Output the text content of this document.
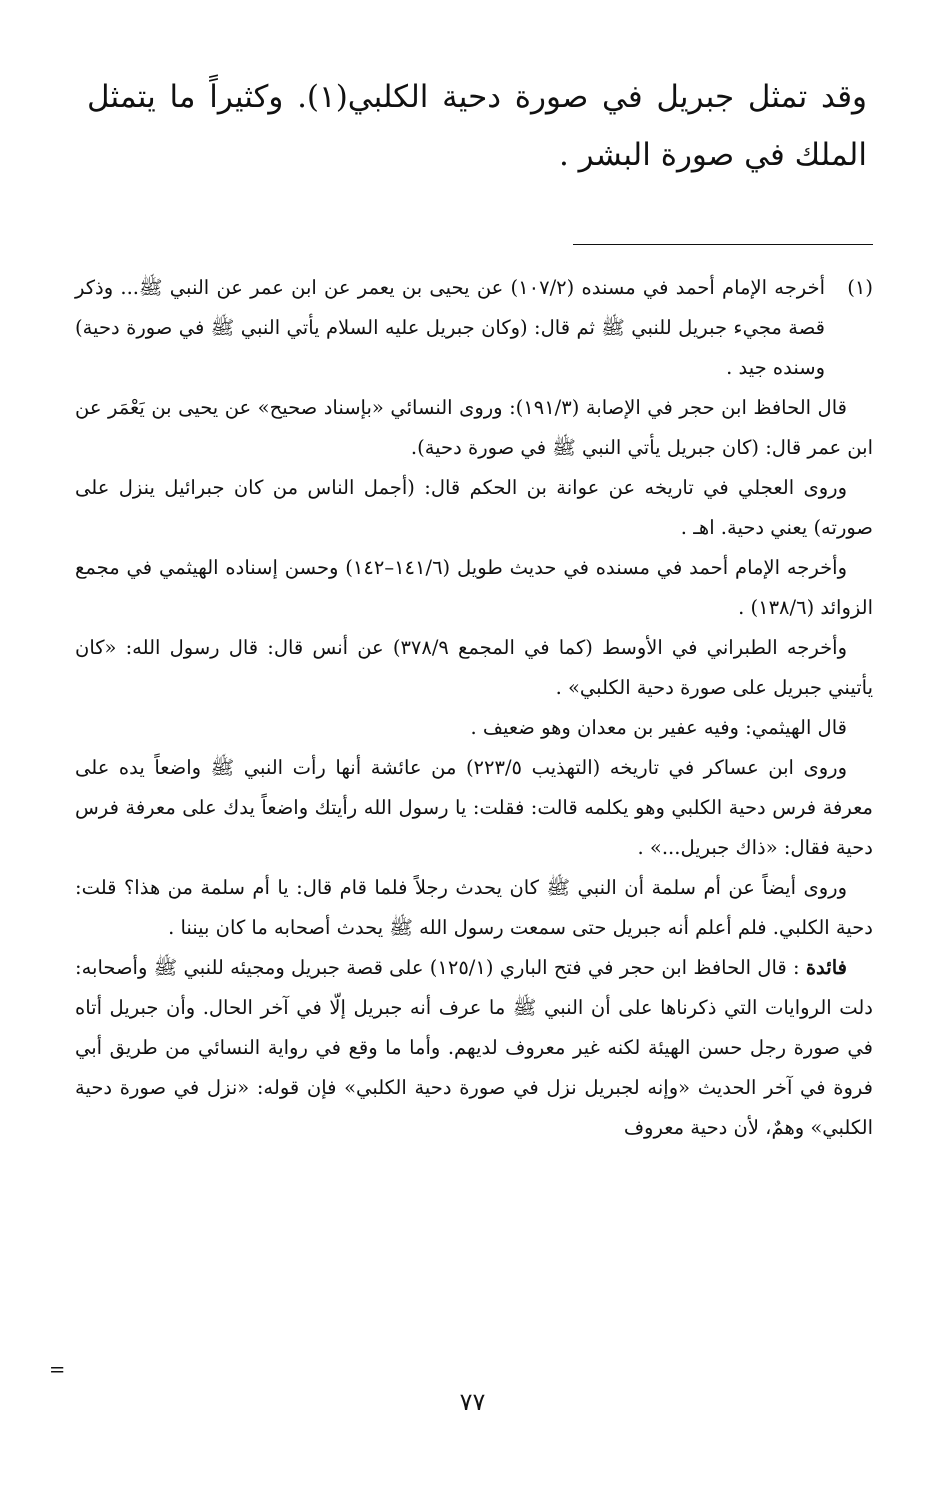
وقد تمثل جبريل في صورة دحية الكلبي(١). وكثيراً ما يتمثل الملك في صورة البشر .

(١)أخرجه الإمام أحمد في مسنده (١٠٧/٢) عن يحيى بن يعمر عن ابن عمر عن النبي ﷺ... وذكر قصة مجيء جبريل للنبي ﷺ ثم قال: (وكان جبريل عليه السلام يأتي النبي ﷺ في صورة دحية) وسنده جيد .

قال الحافظ ابن حجر في الإصابة (١٩١/٣): وروى النسائي «بإسناد صحيح» عن يحيى بن يَعْمَر عن ابن عمر قال: (كان جبريل يأتي النبي ﷺ في صورة دحية).

وروى العجلي في تاريخه عن عوانة بن الحكم قال: (أجمل الناس من كان جبرائيل ينزل على صورته) يعني دحية. اهـ .

وأخرجه الإمام أحمد في مسنده في حديث طويل (١٤١/٦–١٤٢) وحسن إسناده الهيثمي في مجمع الزوائد (١٣٨/٦) .

وأخرجه الطبراني في الأوسط (كما في المجمع ٣٧٨/٩) عن أنس قال: قال رسول الله: «كان يأتيني جبريل على صورة دحية الكلبي» .

قال الهيثمي: وفيه عفير بن معدان وهو ضعيف .

وروى ابن عساكر في تاريخه (التهذيب ٢٢٣/٥) من عائشة أنها رأت النبي ﷺ واضعاً يده على معرفة فرس دحية الكلبي وهو يكلمه قالت: فقلت: يا رسول الله رأيتك واضعاً يدك على معرفة فرس دحية فقال: «ذاك جبريل...» .

وروى أيضاً عن أم سلمة أن النبي ﷺ كان يحدث رجلاً فلما قام قال: يا أم سلمة من هذا؟ قلت: دحية الكلبي. فلم أعلم أنه جبريل حتى سمعت رسول الله ﷺ يحدث أصحابه ما كان بيننا .

فائدة : قال الحافظ ابن حجر في فتح الباري (١٢٥/١) على قصة جبريل ومجيئه للنبي ﷺ وأصحابه: دلت الروايات التي ذكرناها على أن النبي ﷺ ما عرف أنه جبريل إلّا في آخر الحال. وأن جبريل أتاه في صورة رجل حسن الهيئة لكنه غير معروف لديهم. وأما ما وقع في رواية النسائي من طريق أبي فروة في آخر الحديث «وإنه لجبريل نزل في صورة دحية الكلبي» فإن قوله: «نزل في صورة دحية الكلبي» وهمٌ، لأن دحية معروف

=
٧٧
